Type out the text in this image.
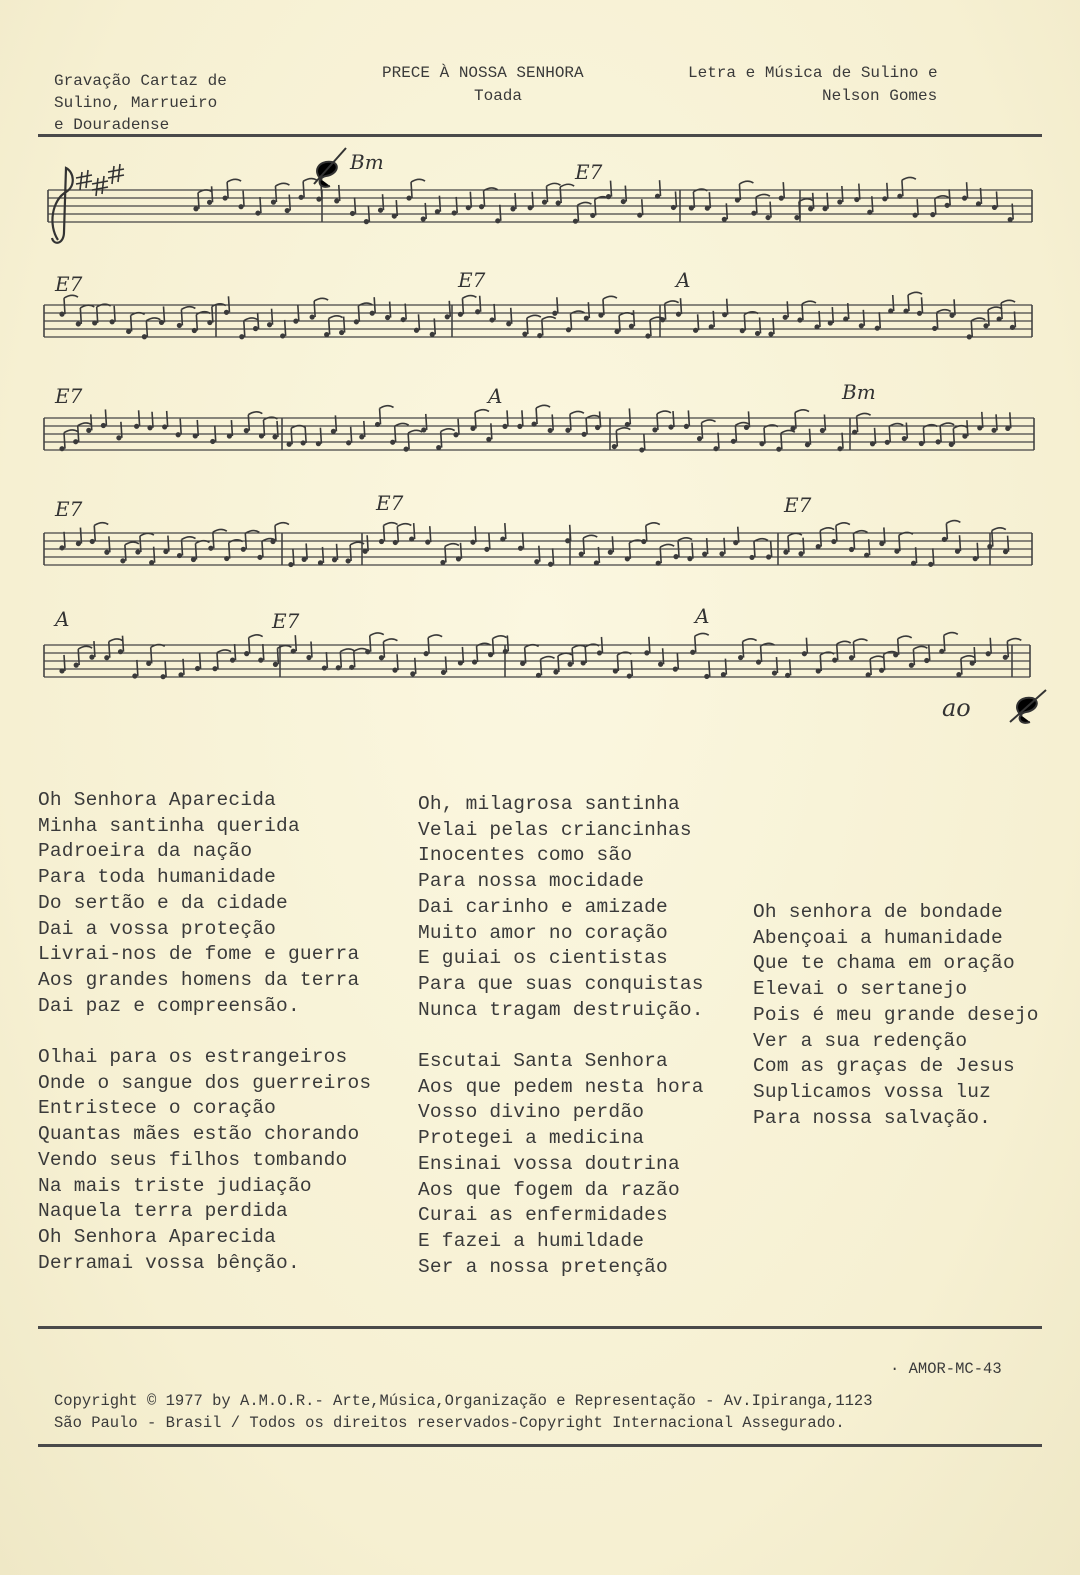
Gravação Cartaz de
Sulino, Marrueiro
e Douradense
PRECE À NOSSA SENHORA
Toada
Letra e Música de Sulino e
Nelson Gomes
Bm	E7
E7	E7	A
E7	A	Bm
E7	E7	E7
A	E7	A
ao
Oh Senhora Aparecida
Minha santinha querida
Padroeira da nação
Para toda humanidade
Do sertão e da cidade
Dai a vossa proteção
Livrai-nos de fome e guerra
Aos grandes homens da terra
Dai paz e compreensão.

Olhai para os estrangeiros
Onde o sangue dos guerreiros
Entristece o coração
Quantas mães estão chorando
Vendo seus filhos tombando
Na mais triste judiação
Naquela terra perdida
Oh Senhora Aparecida
Derramai vossa bênção.
Oh, milagrosa santinha
Velai pelas criancinhas
Inocentes como são
Para nossa mocidade
Dai carinho e amizade
Muito amor no coração
E guiai os cientistas
Para que suas conquistas
Nunca tragam destruição.

Escutai Santa Senhora
Aos que pedem nesta hora
Vosso divino perdão
Protegei a medicina
Ensinai vossa doutrina
Aos que fogem da razão
Curai as enfermidades
E fazei a humildade
Ser a nossa pretenção
Oh senhora de bondade
Abençoai a humanidade
Que te chama em oração
Elevai o sertanejo
Pois é meu grande desejo
Ver a sua redenção
Com as graças de Jesus
Suplicamos vossa luz
Para nossa salvação.
· AMOR-MC-43
Copyright © 1977 by A.M.O.R.- Arte,Música,Organização e Representação - Av.Ipiranga,1123
São Paulo - Brasil / Todos os direitos reservados-Copyright Internacional Assegurado.
